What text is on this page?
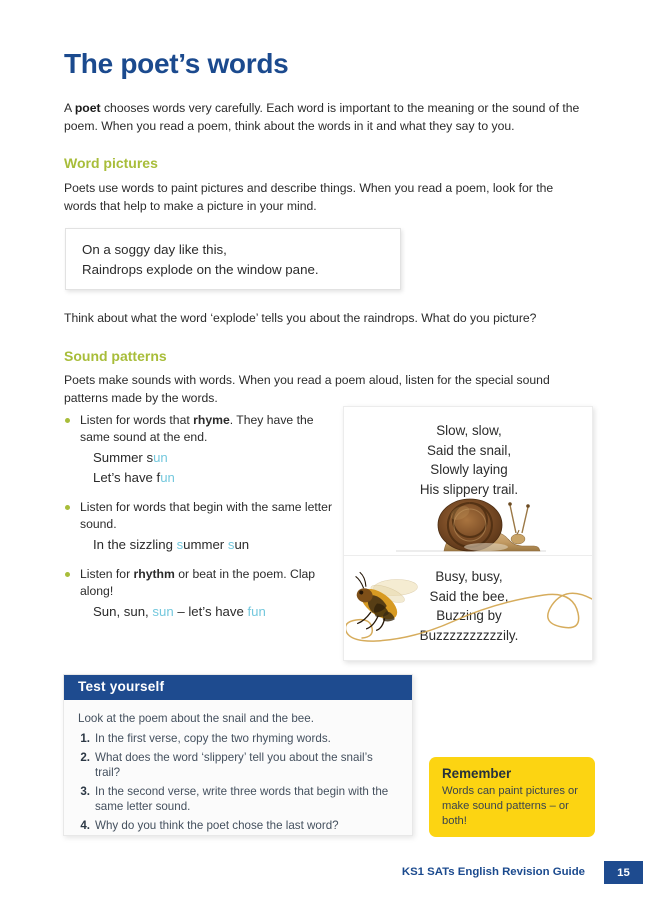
The poet’s words

A poet chooses words very carefully. Each word is important to the meaning or the sound of the poem. When you read a poem, think about the words in it and what they say to you.

Word pictures

Poets use words to paint pictures and describe things. When you read a poem, look for the words that help to make a picture in your mind.

On a soggy day like this,
Raindrops explode on the window pane.

Think about what the word ‘explode’ tells you about the raindrops. What do you picture?

Sound patterns

Poets make sounds with words. When you read a poem aloud, listen for the special sound patterns made by the words.

Listen for words that rhyme. They have the same sound at the end.
Summer sun
Let’s have fun
Listen for words that begin with the same letter sound.
In the sizzling summer sun
Listen for rhythm or beat in the poem. Clap along!
Sun, sun, sun – let’s have fun
Slow, slow,
Said the snail,
Slowly laying
His slippery trail.
Busy, busy,
Said the bee,
Buzzing by
Buzzzzzzzzzzily.
Test yourself
Look at the poem about the snail and the bee.
1. In the first verse, copy the two rhyming words.
2. What does the word ‘slippery’ tell you about the snail’s trail?
3. In the second verse, write three words that begin with the same letter sound.
4. Why do you think the poet chose the last word?
Remember
Words can paint pictures or make sound patterns – or both!
KS1 SATs English Revision Guide	15
